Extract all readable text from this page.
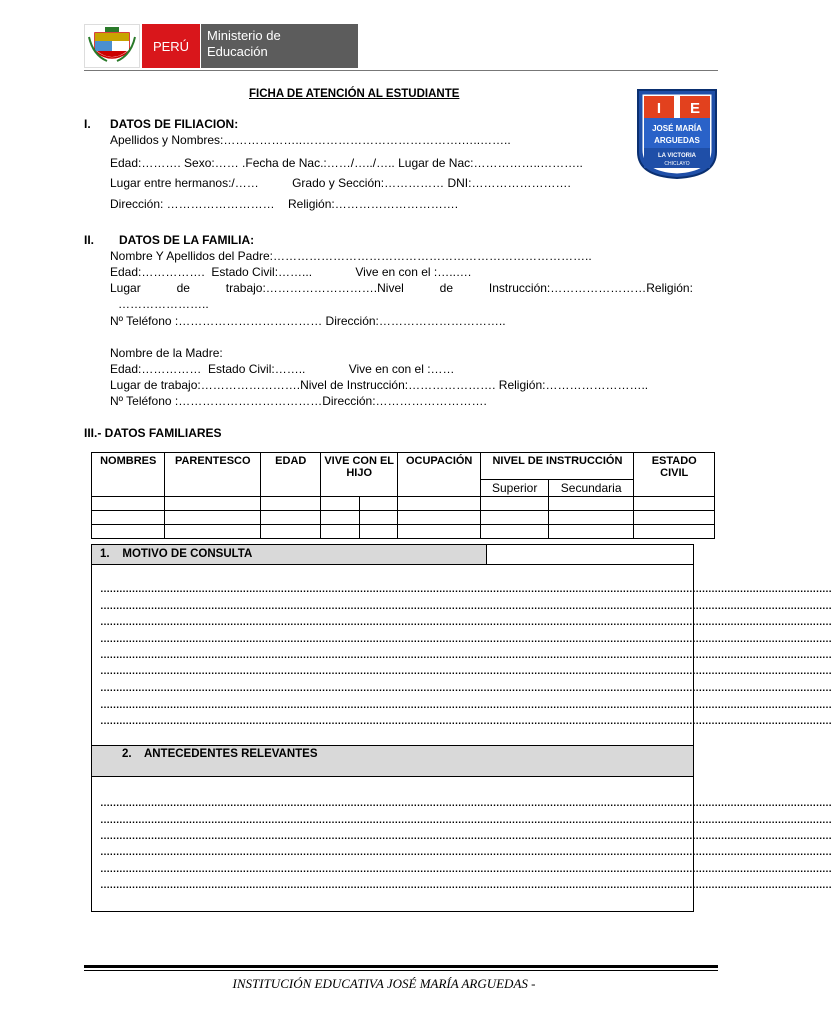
PERÚ
Ministerio de
Educación
FICHA DE ATENCIÓN AL ESTUDIANTE
I E
JOSÉ MARÍA
ARGUEDAS
LA VICTORIA
CHICLAYO
I. DATOS DE FILIACION:
Apellidos y Nombres:………………..………………………………….…..……..
Edad:………. Sexo:…… .Fecha de Nac.:……/…../….. Lugar de Nac:……………..………..
Lugar entre hermanos:/……          Grado y Sección:…………… DNI:…………………….
Dirección: ………………………    Religión:………………………….
II. DATOS DE LA FAMILIA:
Nombre Y Apellidos del Padre:……………………………………………………………………..
Edad:…………….  Estado Civil:……...             Vive en con el :…..….
Lugar	de	trabajo:……………………….Nivel	de	Instrucción:……………………Religión:
…………………..
Nº Teléfono :……………………………… Dirección:…………………………..
Nombre de la Madre:
Edad:……………  Estado Civil:……..             Vive en con el :……
Lugar de trabajo:…………………….Nivel de Instrucción:…………………. Religión:……………………..
Nº Teléfono :………………………………Dirección:……………………….
III.- DATOS FAMILIARES
NOMBRES	PARENTESCO	EDAD	VIVE CON EL HIJO		OCUPACIÓN	NIVEL DE INSTRUCCIÓN		ESTADO CIVIL
						Superior	Secundaria	

1.    MOTIVO DE CONSULTA
……………………………………………………………………………………………………………………………………………………………………………………………………………
……………………………………………………………………………………………………………………………………………………………………………………………………………
……………………………………………………………………………………………………………………………………………………………………………………………………………
……………………………………………………………………………………………………………………………………………………………………………………………………………
……………………………………………………………………………………………………………………………………………………………………………………………………………
……………………………………………………………………………………………………………………………………………………………………………………………………………
……………………………………………………………………………………………………………………………………………………………………………………………………………
……………………………………………………………………………………………………………………………………………………………………………………………………………
……………………………………………………………………………………………………………………………………………………………………………………………………………
2.    ANTECEDENTES RELEVANTES
……………………………………………………………………………………………………………………………………………………………………………………………………………
……………………………………………………………………………………………………………………………………………………………………………………………………………
……………………………………………………………………………………………………………………………………………………………………………………………………………
……………………………………………………………………………………………………………………………………………………………………………………………………………
……………………………………………………………………………………………………………………………………………………………………………………………………………
……………………………………………………………………………………………………………………………………………………………………………………………………………
INSTITUCIÓN EDUCATIVA JOSÉ MARÍA ARGUEDAS -
